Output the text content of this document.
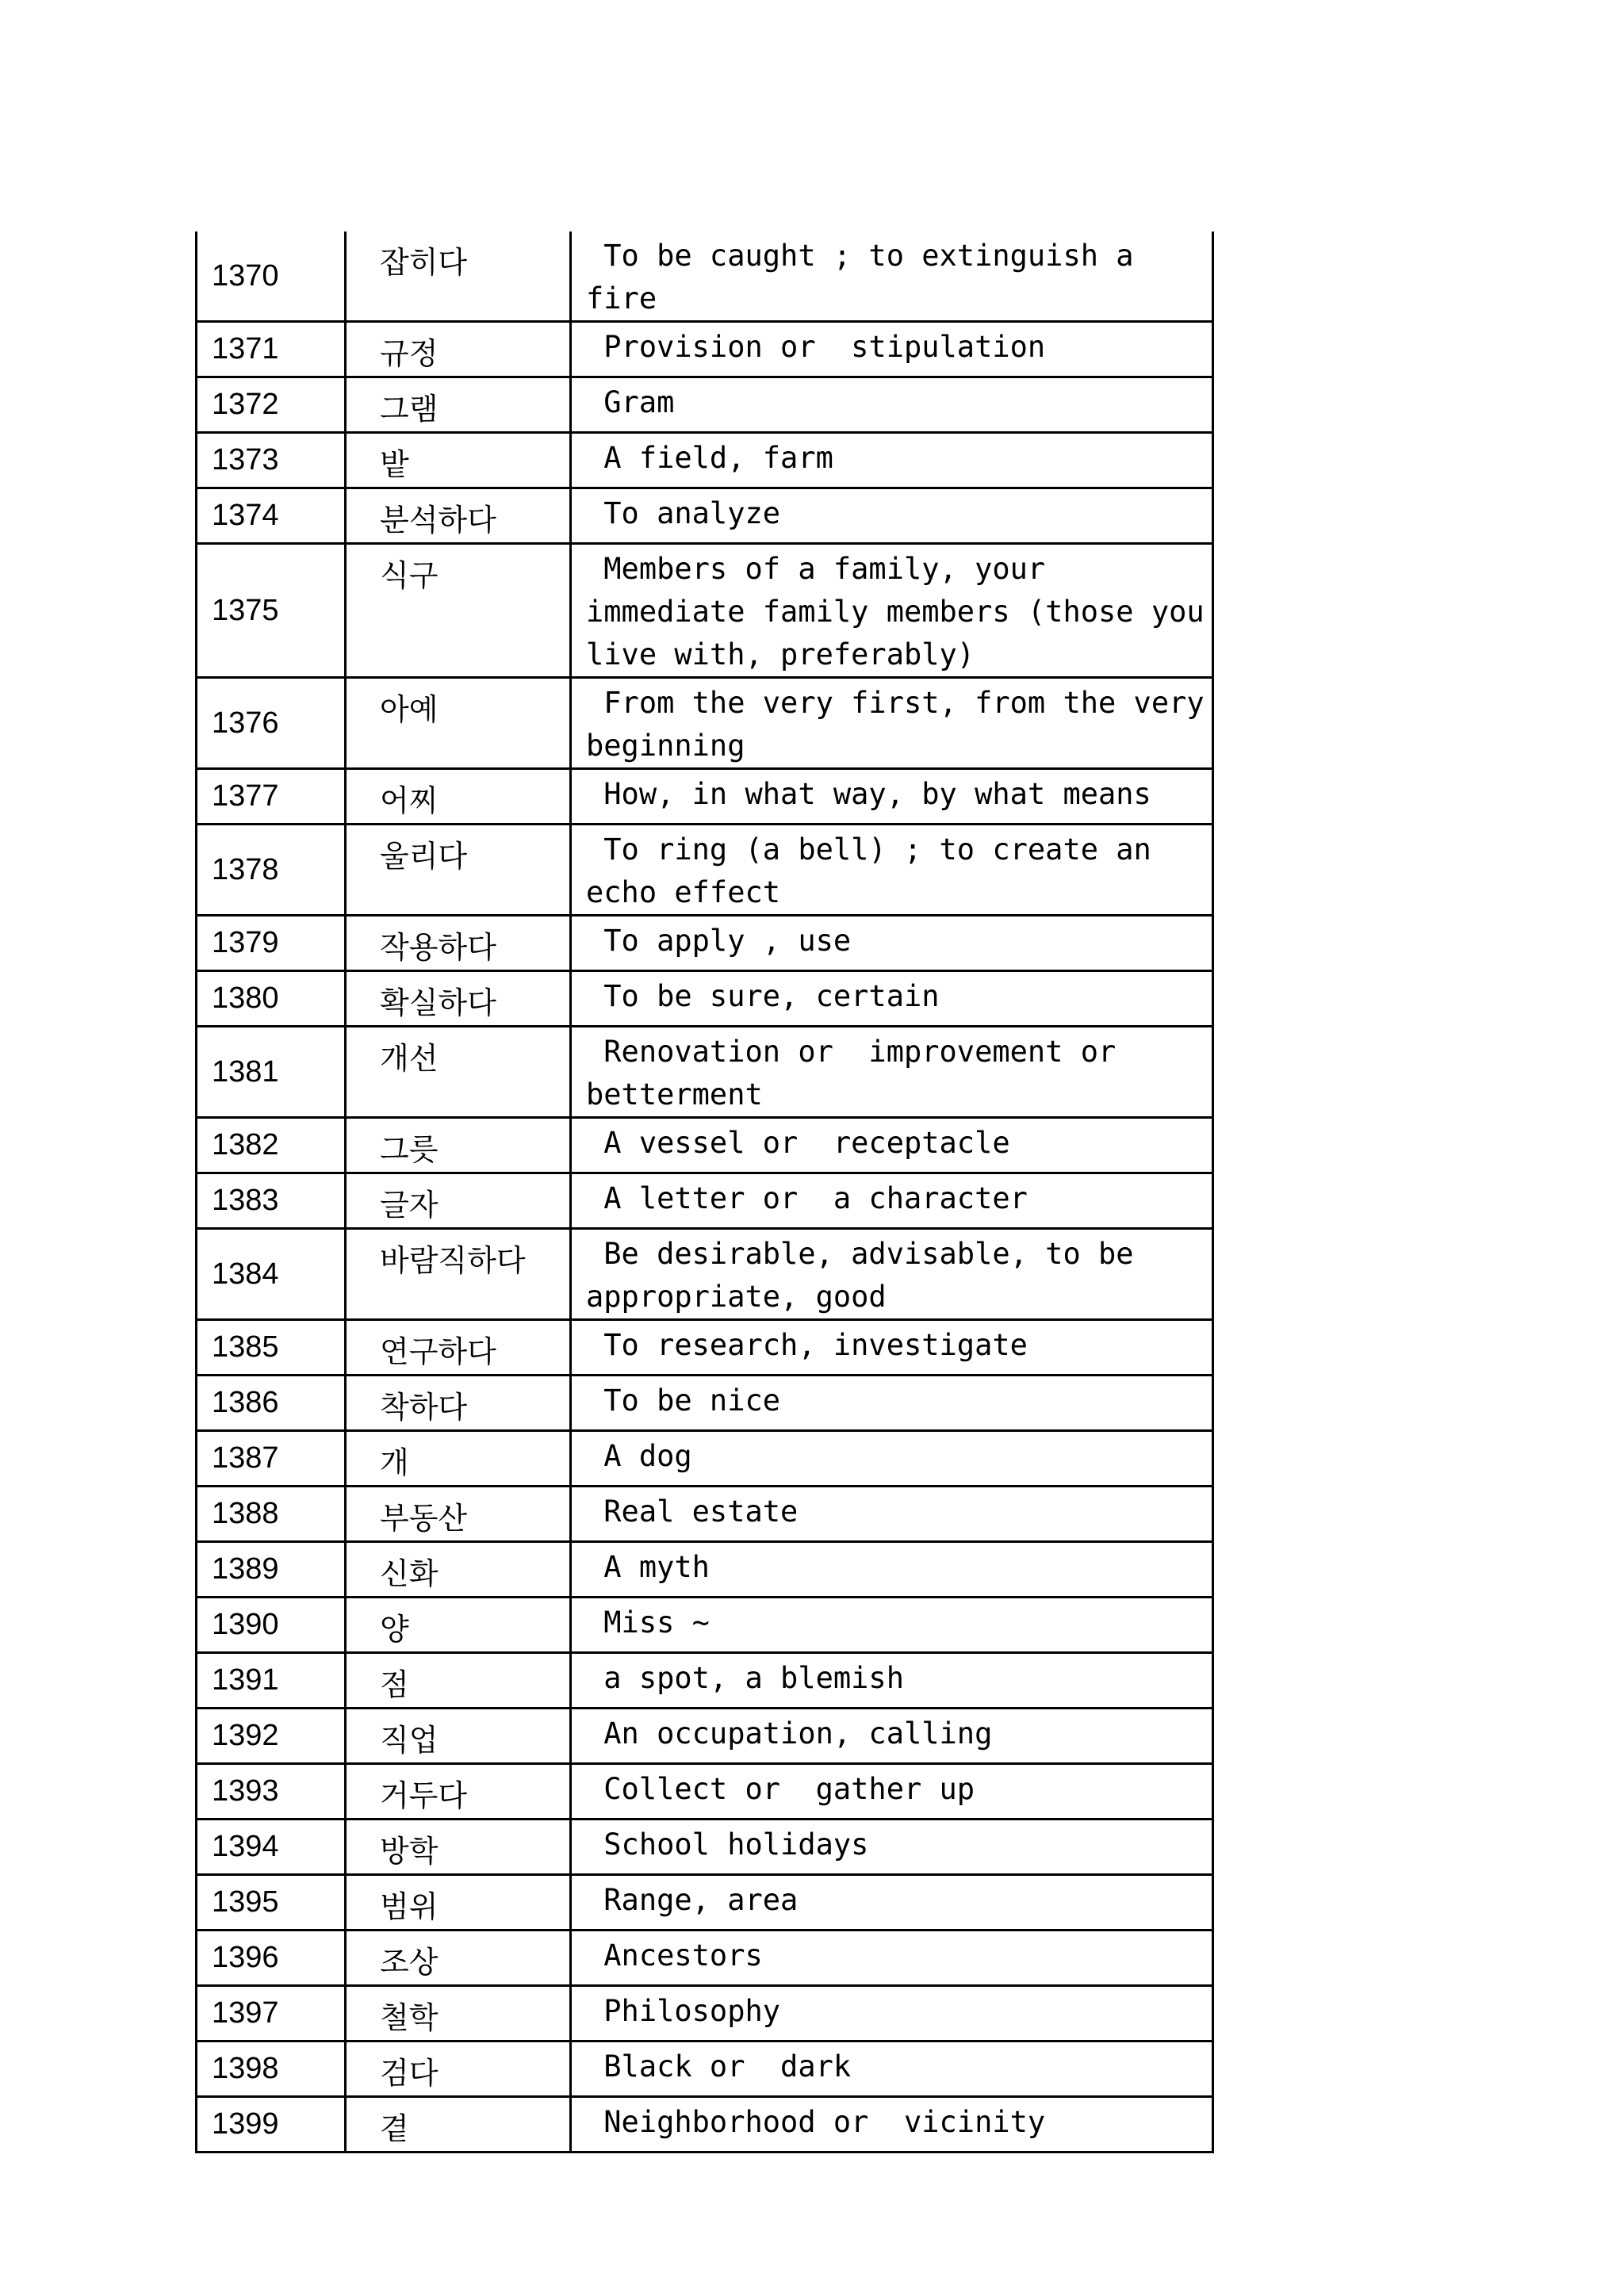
1370	잡히다	To be caught ; to extinguish a fire
1371	규정	Provision or  stipulation
1372	그램	Gram
1373	밭	A field, farm
1374	분석하다	To analyze
1375	식구	Members of a family, your immediate family members (those you live with, preferably)
1376	아예	From the very first, from the very beginning
1377	어찌	How, in what way, by what means
1378	울리다	To ring (a bell) ; to create an echo effect
1379	작용하다	To apply , use
1380	확실하다	To be sure, certain
1381	개선	Renovation or  improvement or betterment
1382	그릇	A vessel or  receptacle
1383	글자	A letter or  a character
1384	바람직하다	Be desirable, advisable, to be appropriate, good
1385	연구하다	To research, investigate
1386	착하다	To be nice
1387	개	A dog
1388	부동산	Real estate
1389	신화	A myth
1390	양	Miss ~
1391	점	a spot, a blemish
1392	직업	An occupation, calling
1393	거두다	Collect or  gather up
1394	방학	School holidays
1395	범위	Range, area
1396	조상	Ancestors
1397	철학	Philosophy
1398	검다	Black or  dark
1399	곁	Neighborhood or  vicinity
